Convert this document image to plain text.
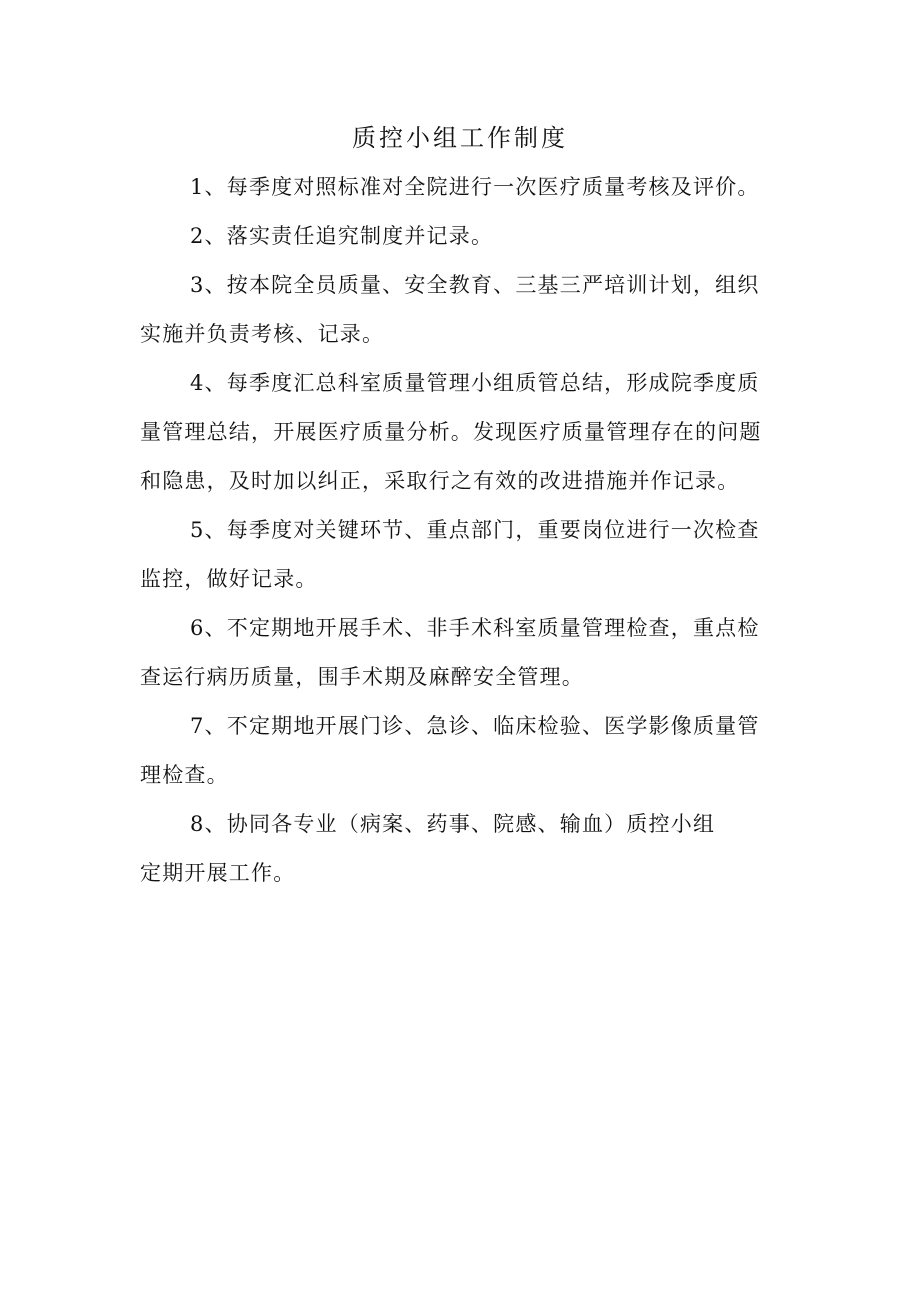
质控小组工作制度

1、每季度对照标准对全院进行一次医疗质量考核及评价。

2、落实责任追究制度并记录。

3、按本院全员质量、安全教育、三基三严培训计划，组织

实施并负责考核、记录。

4、每季度汇总科室质量管理小组质管总结，形成院季度质

量管理总结，开展医疗质量分析。发现医疗质量管理存在的问题

和隐患，及时加以纠正，采取行之有效的改进措施并作记录。

5、每季度对关键环节、重点部门，重要岗位进行一次检查

监控，做好记录。

6、不定期地开展手术、非手术科室质量管理检查，重点检

查运行病历质量，围手术期及麻醉安全管理。

7、不定期地开展门诊、急诊、临床检验、医学影像质量管

理检查。

8、协同各专业（病案、药事、院感、输血）质控小组

定期开展工作。
